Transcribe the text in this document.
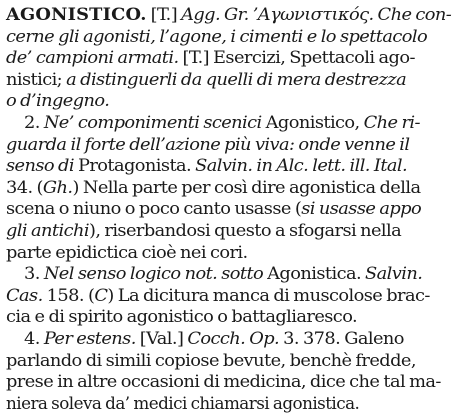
AGONISTICO. [T.] Agg. Gr. ’Αγωνιστικός. Che con-
cerne gli agonisti, l’agone, i cimenti e lo spettacolo
de’ campioni armati. [T.] Esercizi, Spettacoli ago-
nistici; a distinguerli da quelli di mera destrezza
o d’ingegno.
2. Ne’ componimenti scenici Agonistico, Che ri-
guarda il forte dell’azione più viva: onde venne il
senso di Protagonista. Salvin. in Alc. lett. ill. Ital.
34. (Gh.) Nella parte per così dire agonistica della
scena o niuno o poco canto usasse (si usasse appo
gli antichi), riserbandosi questo a sfogarsi nella
parte epidictica cioè nei cori.
3. Nel senso logico not. sotto Agonistica. Salvin.
Cas. 158. (C) La dicitura manca di muscolose brac-
cia e di spirito agonistico o battagliaresco.
4. Per estens. [Val.] Cocch. Op. 3. 378. Galeno
parlando di simili copiose bevute, benchè fredde,
prese in altre occasioni di medicina, dice che tal ma-
niera soleva da’ medici chiamarsi agonistica.
